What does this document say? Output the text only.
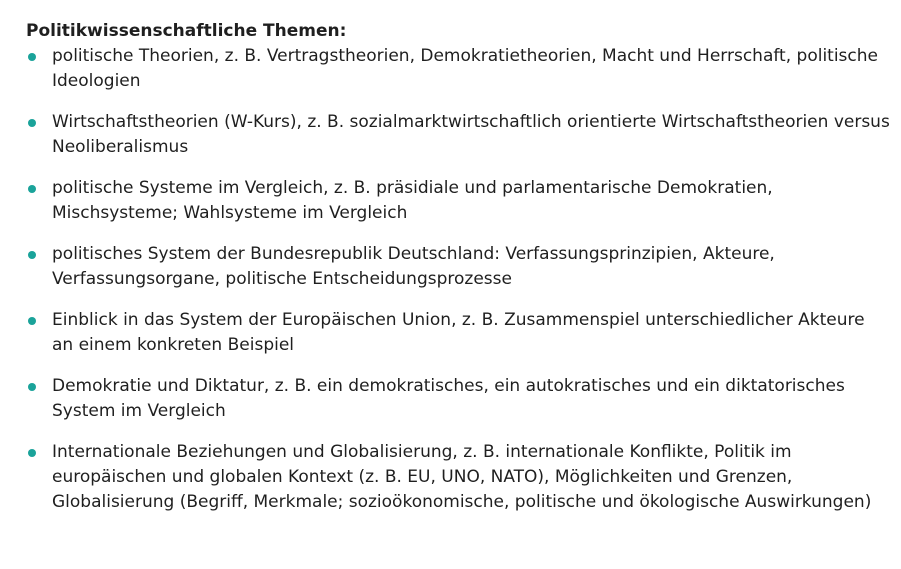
Politikwissenschaftliche Themen:
politische Theorien, z. B. Vertragstheorien, Demokratietheorien, Macht und Herrschaft, politische Ideologien
Wirtschaftstheorien (W-Kurs), z. B. sozialmarktwirtschaftlich orientierte Wirtschaftstheorien versus Neoliberalismus
politische Systeme im Vergleich, z. B. präsidiale und parlamentarische Demokratien, Mischsysteme; Wahlsysteme im Vergleich
politisches System der Bundesrepublik Deutschland: Verfassungsprinzipien, Akteure, Verfassungsorgane, politische Entscheidungsprozesse
Einblick in das System der Europäischen Union, z. B. Zusammenspiel unterschiedlicher Akteure an einem konkreten Beispiel
Demokratie und Diktatur, z. B. ein demokratisches, ein autokratisches und ein diktatorisches System im Vergleich
Internationale Beziehungen und Globalisierung, z. B. internationale Konflikte, Politik im europäischen und globalen Kontext (z. B. EU, UNO, NATO), Möglichkeiten und Grenzen, Globalisierung (Begriff, Merkmale; sozioökonomische, politische und ökologische Auswirkungen)
